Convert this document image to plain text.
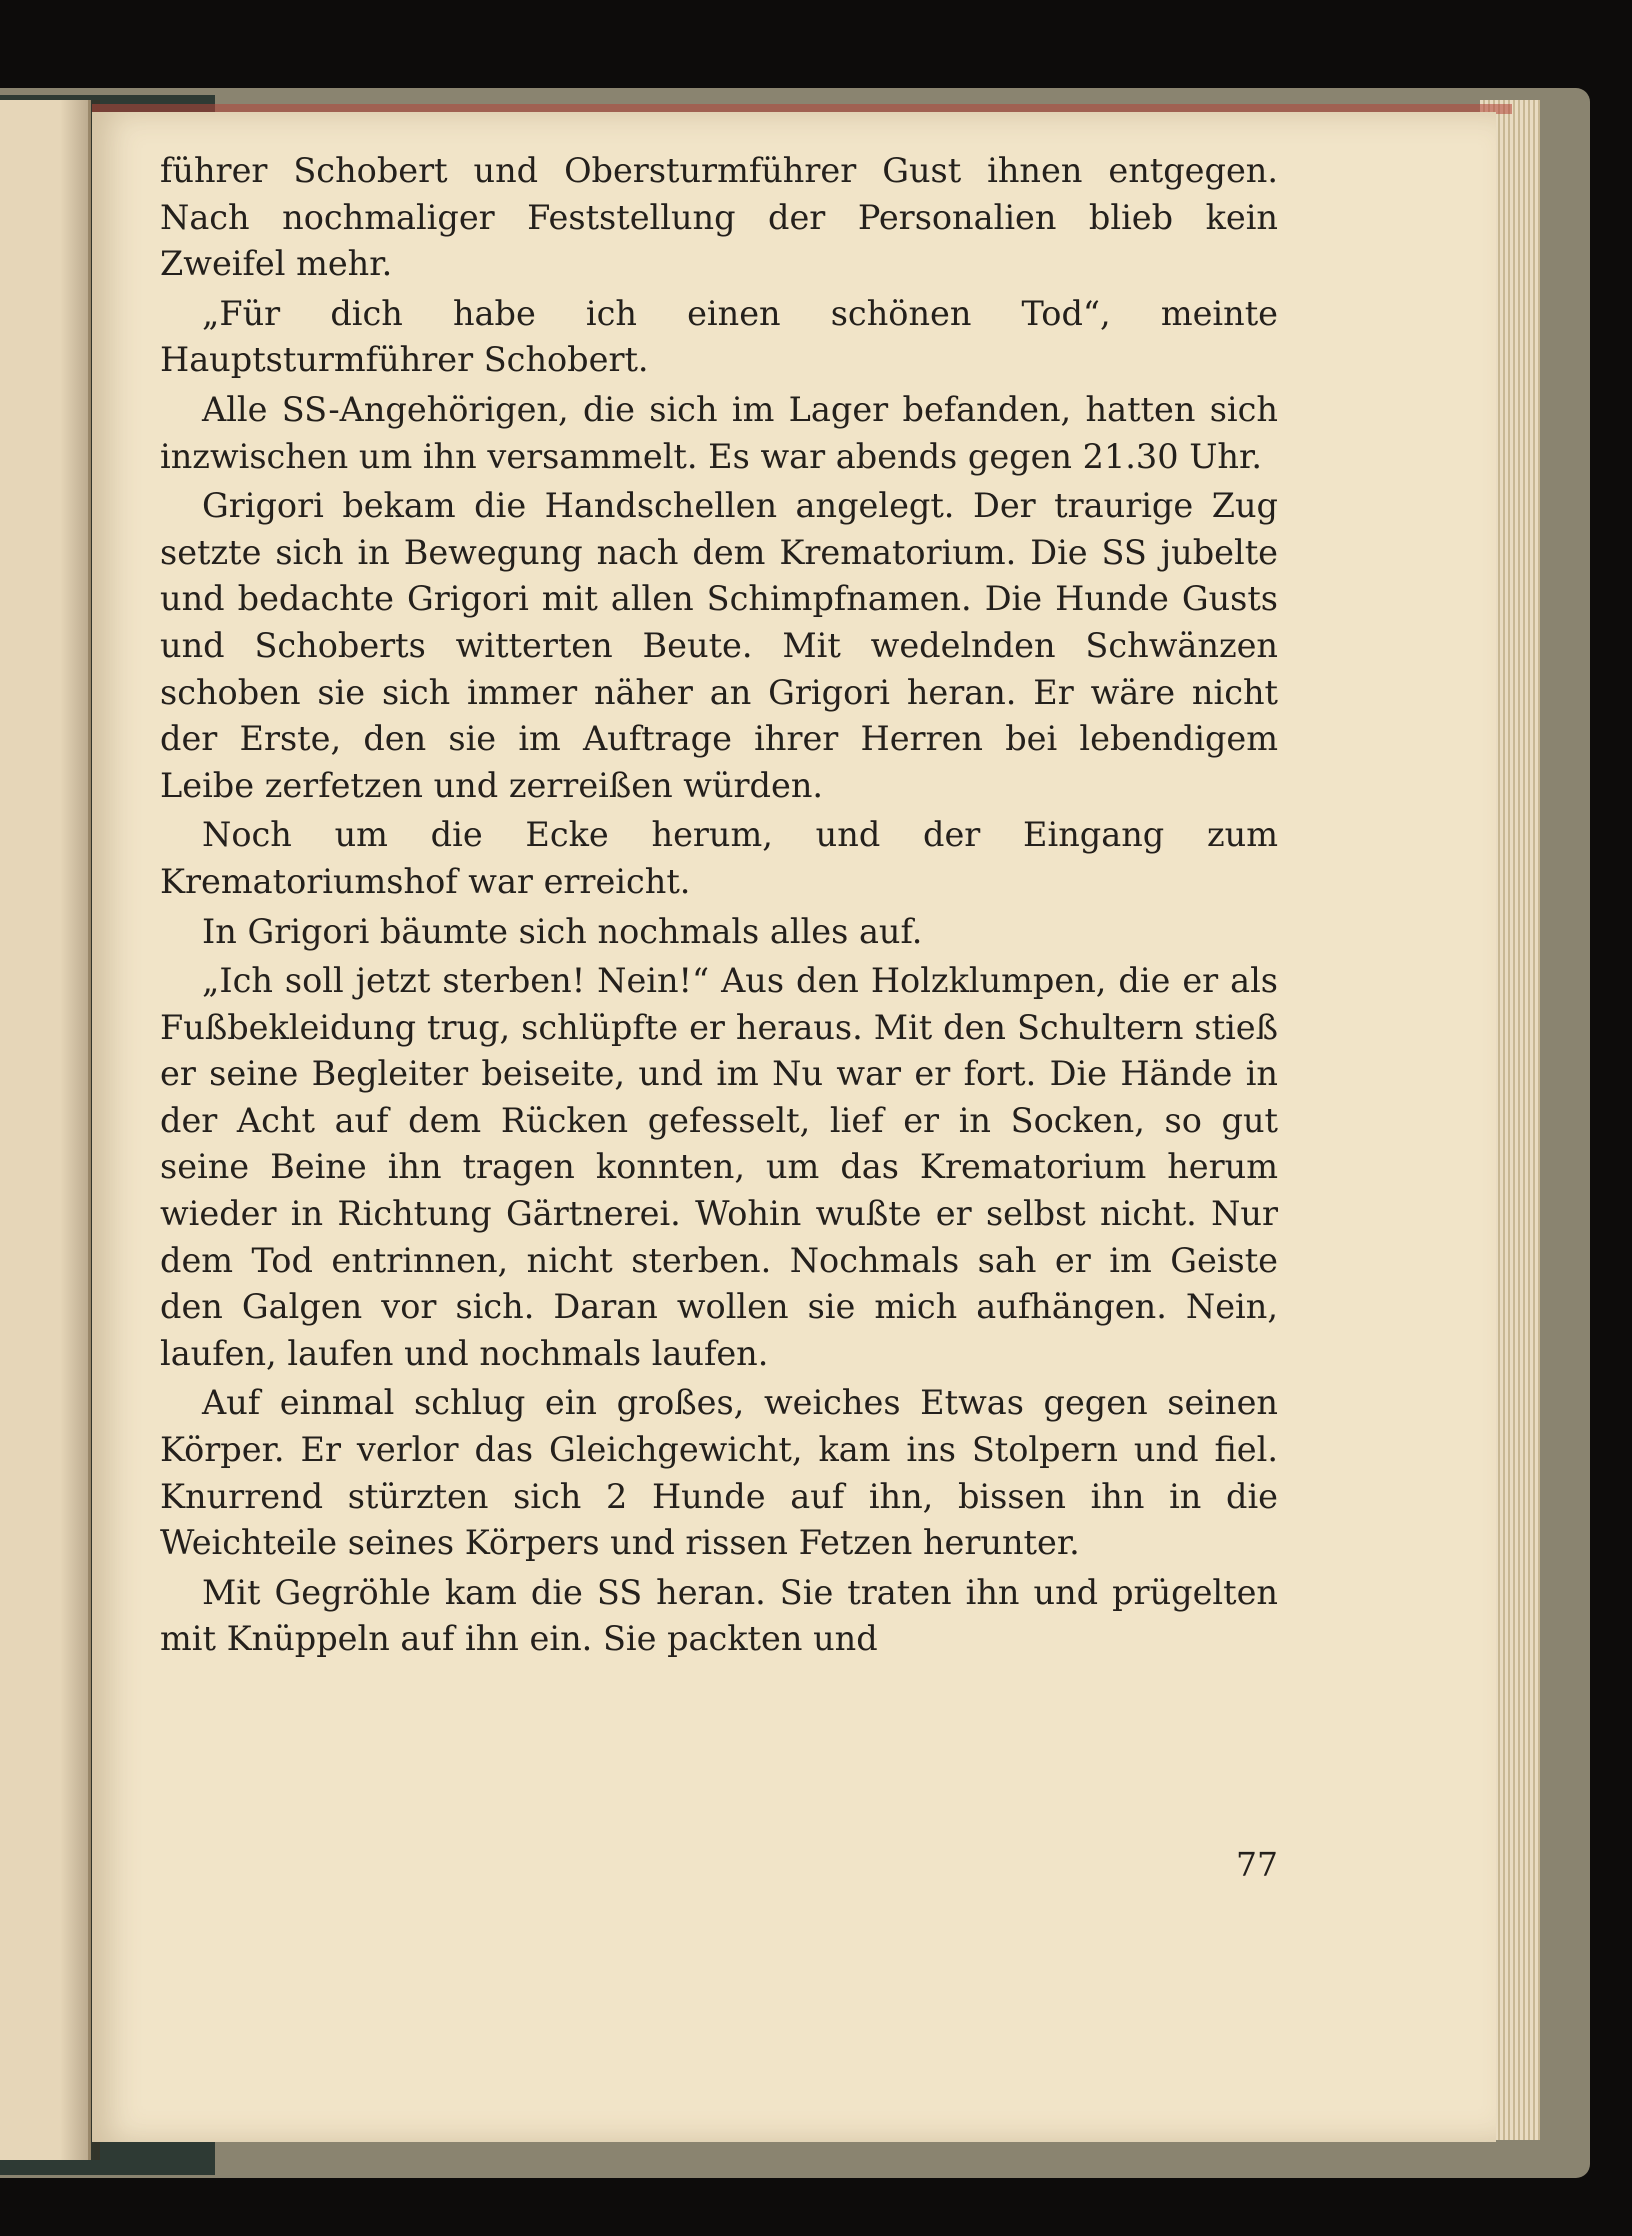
führer Schobert und Obersturmführer Gust ihnen entgegen. Nach nochmaliger Feststellung der Personalien blieb kein Zweifel mehr.

„Für dich habe ich einen schönen Tod“, meinte Hauptsturmführer Schobert.

Alle SS-Angehörigen, die sich im Lager befanden, hatten sich inzwischen um ihn versammelt. Es war abends gegen 21.30 Uhr.

Grigori bekam die Handschellen angelegt. Der traurige Zug setzte sich in Bewegung nach dem Krematorium. Die SS jubelte und bedachte Grigori mit allen Schimpfnamen. Die Hunde Gusts und Schoberts witterten Beute. Mit wedelnden Schwänzen schoben sie sich immer näher an Grigori heran. Er wäre nicht der Erste, den sie im Auftrage ihrer Herren bei lebendigem Leibe zerfetzen und zerreißen würden.

Noch um die Ecke herum, und der Eingang zum Krematoriumshof war erreicht.

In Grigori bäumte sich nochmals alles auf.

„Ich soll jetzt sterben! Nein!“ Aus den Holzklumpen, die er als Fußbekleidung trug, schlüpfte er heraus. Mit den Schultern stieß er seine Begleiter beiseite, und im Nu war er fort. Die Hände in der Acht auf dem Rücken gefesselt, lief er in Socken, so gut seine Beine ihn tragen konnten, um das Krematorium herum wieder in Richtung Gärtnerei. Wohin wußte er selbst nicht. Nur dem Tod entrinnen, nicht sterben. Nochmals sah er im Geiste den Galgen vor sich. Daran wollen sie mich aufhängen. Nein, laufen, laufen und nochmals laufen.

Auf einmal schlug ein großes, weiches Etwas gegen seinen Körper. Er verlor das Gleichgewicht, kam ins Stolpern und fiel. Knurrend stürzten sich 2 Hunde auf ihn, bissen ihn in die Weichteile seines Körpers und rissen Fetzen herunter.

Mit Gegröhle kam die SS heran. Sie traten ihn und prügelten mit Knüppeln auf ihn ein. Sie packten und

77
